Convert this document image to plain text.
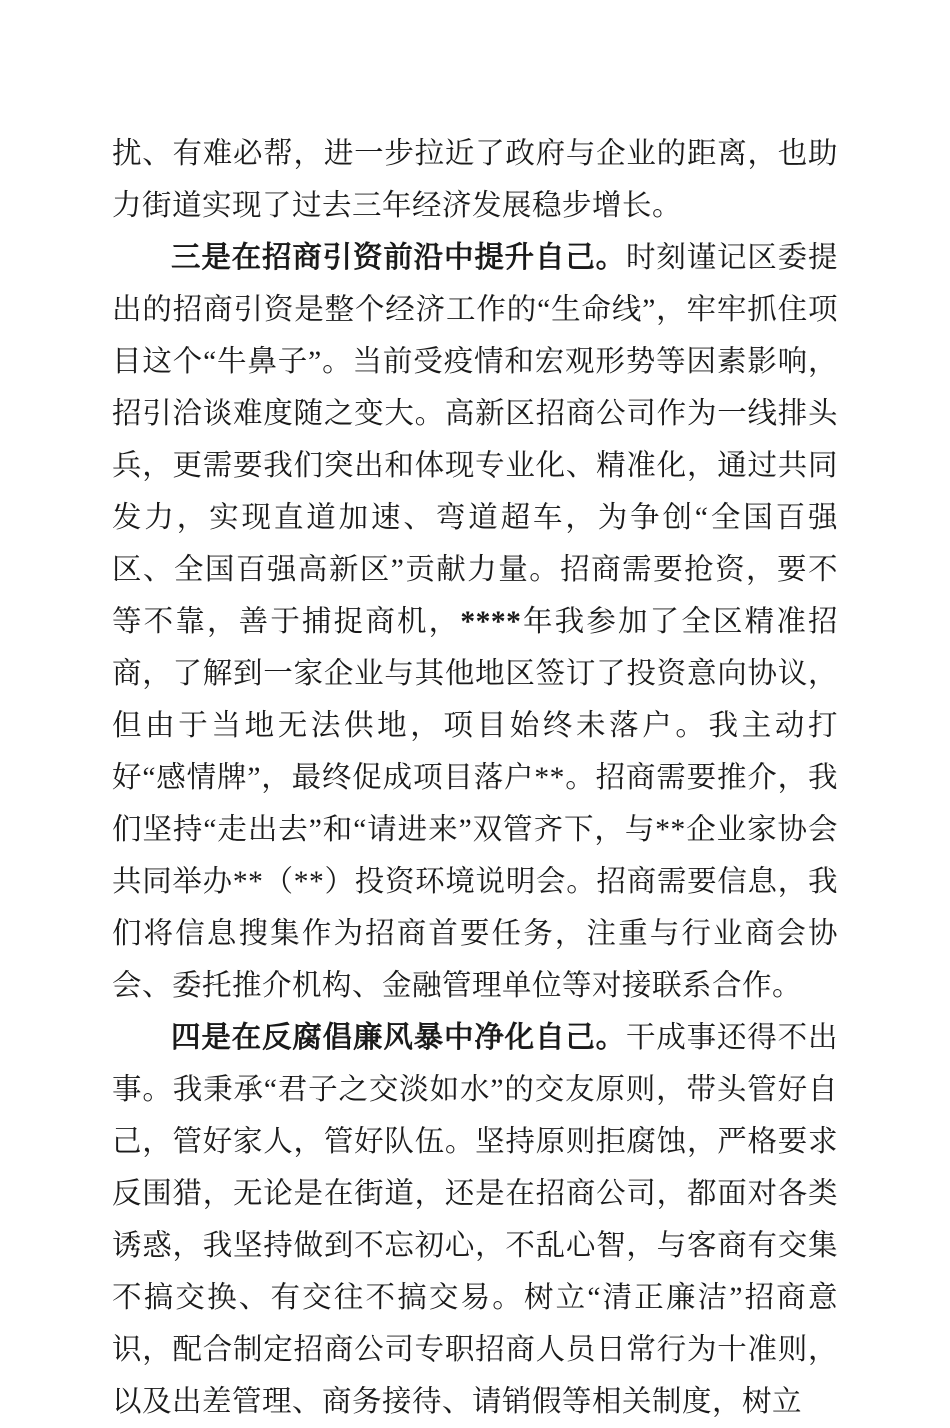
扰、有难必帮，进一步拉近了政府与企业的距离，也助力街道实现了过去三年经济发展稳步增长。

三是在招商引资前沿中提升自己。时刻谨记区委提出的招商引资是整个经济工作的“生命线”，牢牢抓住项目这个“牛鼻子”。当前受疫情和宏观形势等因素影响，招引洽谈难度随之变大。高新区招商公司作为一线排头兵，更需要我们突出和体现专业化、精准化，通过共同发力，实现直道加速、弯道超车，为争创“全国百强区、全国百强高新区”贡献力量。招商需要抢资，要不等不靠，善于捕捉商机，****年我参加了全区精准招商，了解到一家企业与其他地区签订了投资意向协议，但由于当地无法供地，项目始终未落户。我主动打好“感情牌”，最终促成项目落户**。招商需要推介，我们坚持“走出去”和“请进来”双管齐下，与**企业家协会共同举办**（**）投资环境说明会。招商需要信息，我们将信息搜集作为招商首要任务，注重与行业商会协会、委托推介机构、金融管理单位等对接联系合作。

四是在反腐倡廉风暴中净化自己。干成事还得不出事。我秉承“君子之交淡如水”的交友原则，带头管好自己，管好家人，管好队伍。坚持原则拒腐蚀，严格要求反围猎，无论是在街道，还是在招商公司，都面对各类诱惑，我坚持做到不忘初心，不乱心智，与客商有交集不搞交换、有交往不搞交易。树立“清正廉洁”招商意识，配合制定招商公司专职招商人员日常行为十准则，以及出差管理、商务接待、请销假等相关制度，树立
